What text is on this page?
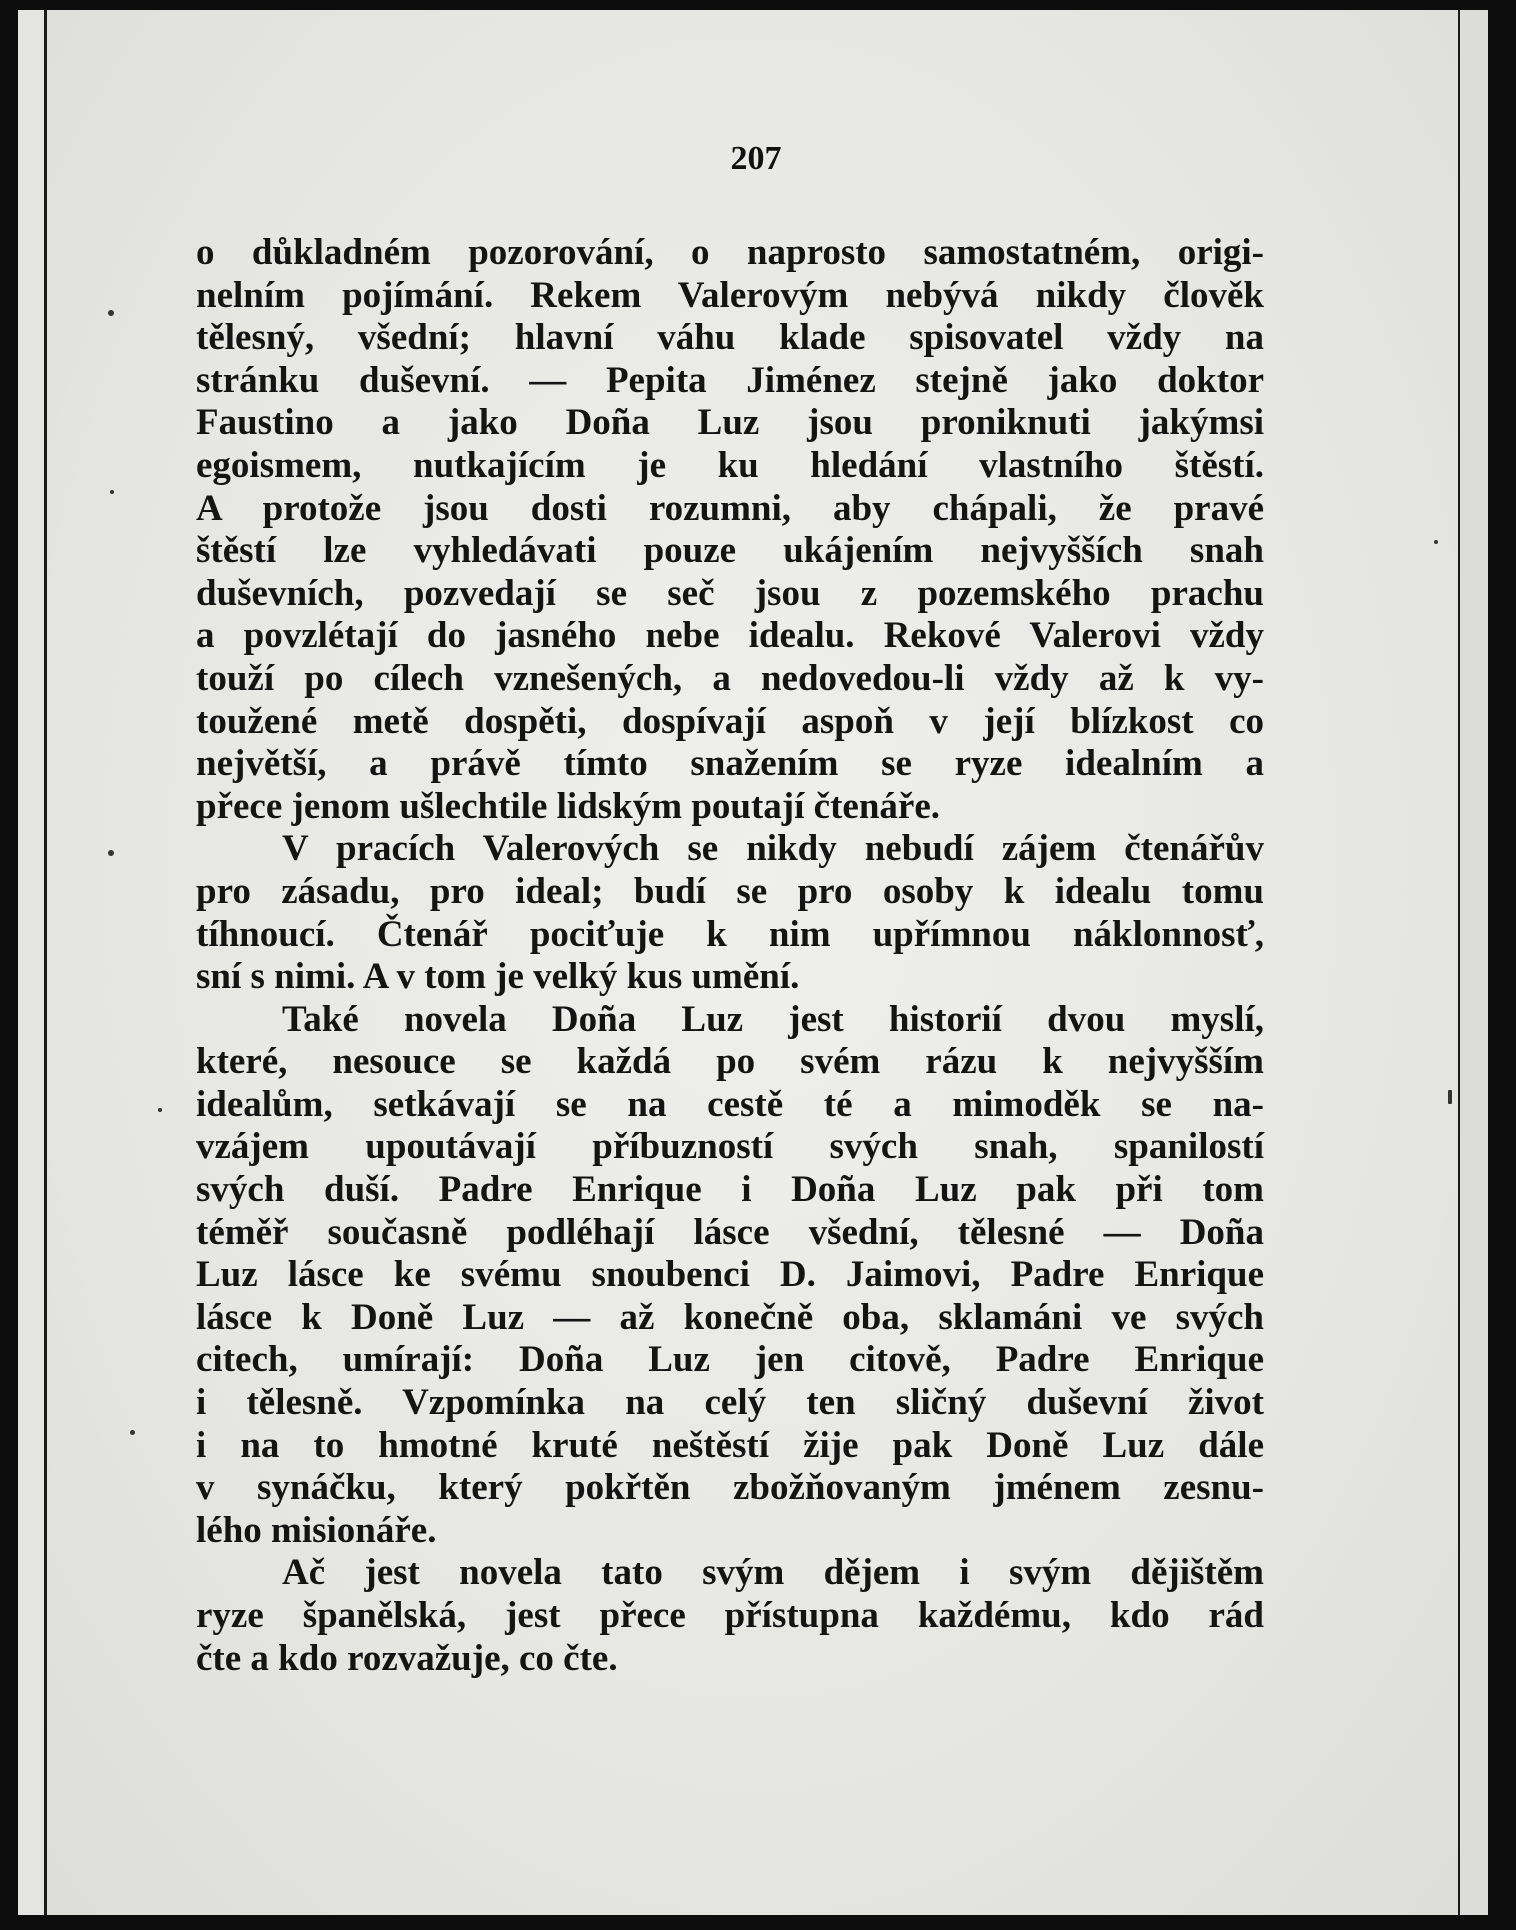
207
o důkladném pozorování, o naprosto samostatném, origi-
nelním pojímání. Rekem Valerovým nebývá nikdy člověk
tělesný, všední; hlavní váhu klade spisovatel vždy na
stránku duševní. — Pepita Jiménez stejně jako doktor
Faustino a jako Doña Luz jsou proniknuti jakýmsi
egoismem, nutkajícím je ku hledání vlastního štěstí.
A protože jsou dosti rozumni, aby chápali, že pravé
štěstí lze vyhledávati pouze ukájením nejvyšších snah
duševních, pozvedají se seč jsou z pozemského prachu
a povzlétají do jasného nebe idealu. Rekové Valerovi vždy
touží po cílech vznešených, a nedovedou-li vždy až k vy-
toužené metě dospěti, dospívají aspoň v její blízkost co
největší, a právě tímto snažením se ryze idealním a
přece jenom ušlechtile lidským poutají čtenáře.
V pracích Valerových se nikdy nebudí zájem čtenářův
pro zásadu, pro ideal; budí se pro osoby k idealu tomu
tíhnoucí. Čtenář pociťuje k nim upřímnou náklonnosť,
sní s nimi. A v tom je velký kus umění.
Také novela Doña Luz jest historií dvou myslí,
které, nesouce se každá po svém rázu k nejvyšším
idealům, setkávají se na cestě té a mimoděk se na-
vzájem upoutávají příbuzností svých snah, spanilostí
svých duší. Padre Enrique i Doña Luz pak při tom
téměř současně podléhají lásce všední, tělesné — Doña
Luz lásce ke svému snoubenci D. Jaimovi, Padre Enrique
lásce k Doně Luz — až konečně oba, sklamáni ve svých
citech, umírají: Doña Luz jen citově, Padre Enrique
i tělesně. Vzpomínka na celý ten sličný duševní život
i na to hmotné kruté neštěstí žije pak Doně Luz dále
v synáčku, který pokřtěn zbožňovaným jménem zesnu-
lého misionáře.
Ač jest novela tato svým dějem i svým dějištěm
ryze španělská, jest přece přístupna každému, kdo rád
čte a kdo rozvažuje, co čte.
